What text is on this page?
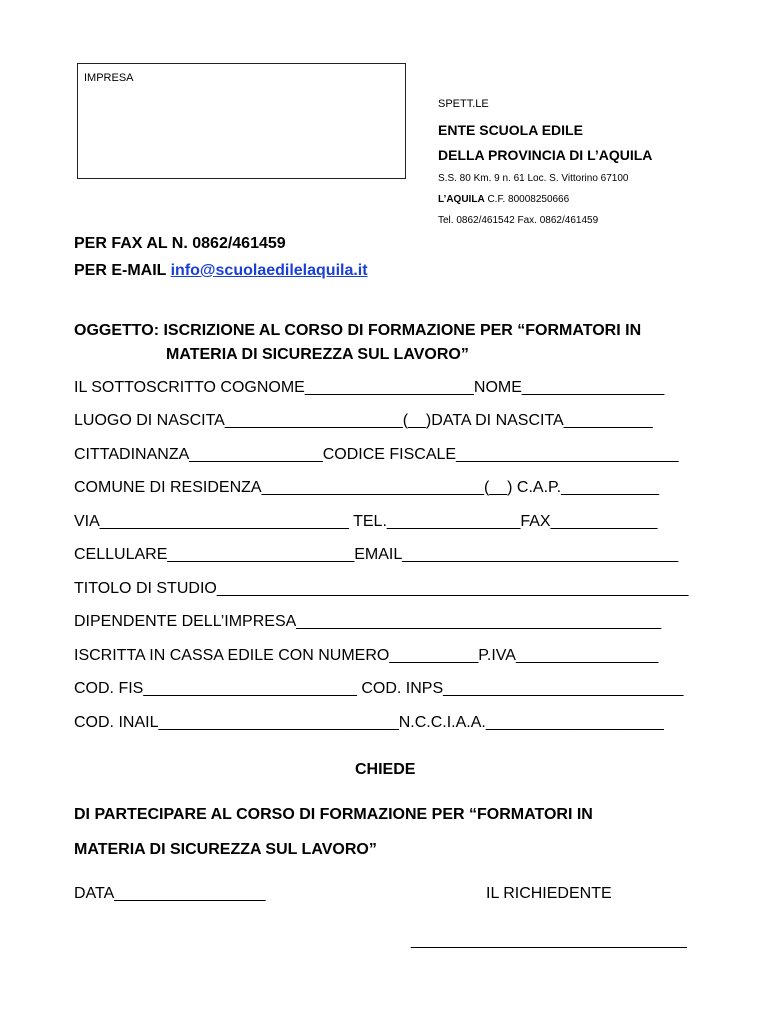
IMPRESA
SPETT.LE
ENTE SCUOLA EDILE
DELLA PROVINCIA DI L’AQUILA
S.S. 80 Km. 9 n. 61 Loc. S. Vittorino 67100
L’AQUILA C.F. 80008250666
Tel. 0862/461542 Fax. 0862/461459
PER FAX AL N. 0862/461459
PER E-MAIL info@scuolaedilelaquila.it
OGGETTO: ISCRIZIONE AL CORSO DI FORMAZIONE PER “FORMATORI IN
MATERIA DI SICUREZZA SUL LAVORO”
IL SOTTOSCRITTO COGNOME___________________NOME________________
LUOGO DI NASCITA____________________(__)DATA DI NASCITA__________
CITTADINANZA_______________CODICE FISCALE_________________________
COMUNE DI RESIDENZA_________________________(__) C.A.P.___________
VIA____________________________ TEL._______________FAX____________
CELLULARE_____________________EMAIL_______________________________
TITOLO DI STUDIO_____________________________________________________
DIPENDENTE DELL’IMPRESA_________________________________________
ISCRITTA IN CASSA EDILE CON NUMERO__________P.IVA________________
COD. FIS________________________ COD. INPS___________________________
COD. INAIL___________________________N.C.C.I.A.A.____________________
CHIEDE
DI PARTECIPARE AL CORSO DI FORMAZIONE PER “FORMATORI IN
MATERIA DI SICUREZZA SUL LAVORO”
DATA_________________	IL RICHIEDENTE
_______________________________
